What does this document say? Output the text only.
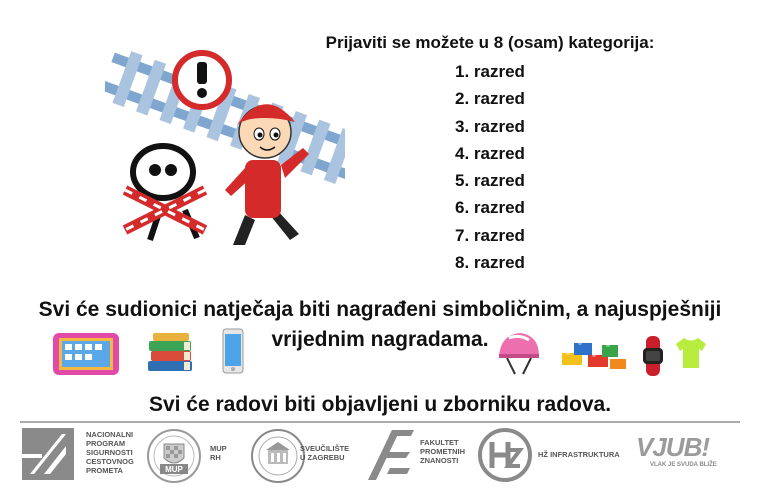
Prijaviti se možete u 8 (osam) kategorija:
1. razred
2. razred
3. razred
4. razred
5. razred
6. razred
7. razred
8. razred
Svi će sudionici natječaja biti nagrađeni simboličnim, a najuspješniji
vrijednim nagradama.
Svi će radovi biti objavljeni u zborniku radova.
NACIONALNI
PROGRAM
SIGURNOSTI
CESTOVNOG
PROMETA	MUP
MUP
RH
SVEUČILIŠTE
U ZAGREBU
FAKULTET
PROMETNIH
ZNANOSTI
HŽ INFRASTRUKTURA VJUB!
VLAK JE SVUDA BLIŽE
